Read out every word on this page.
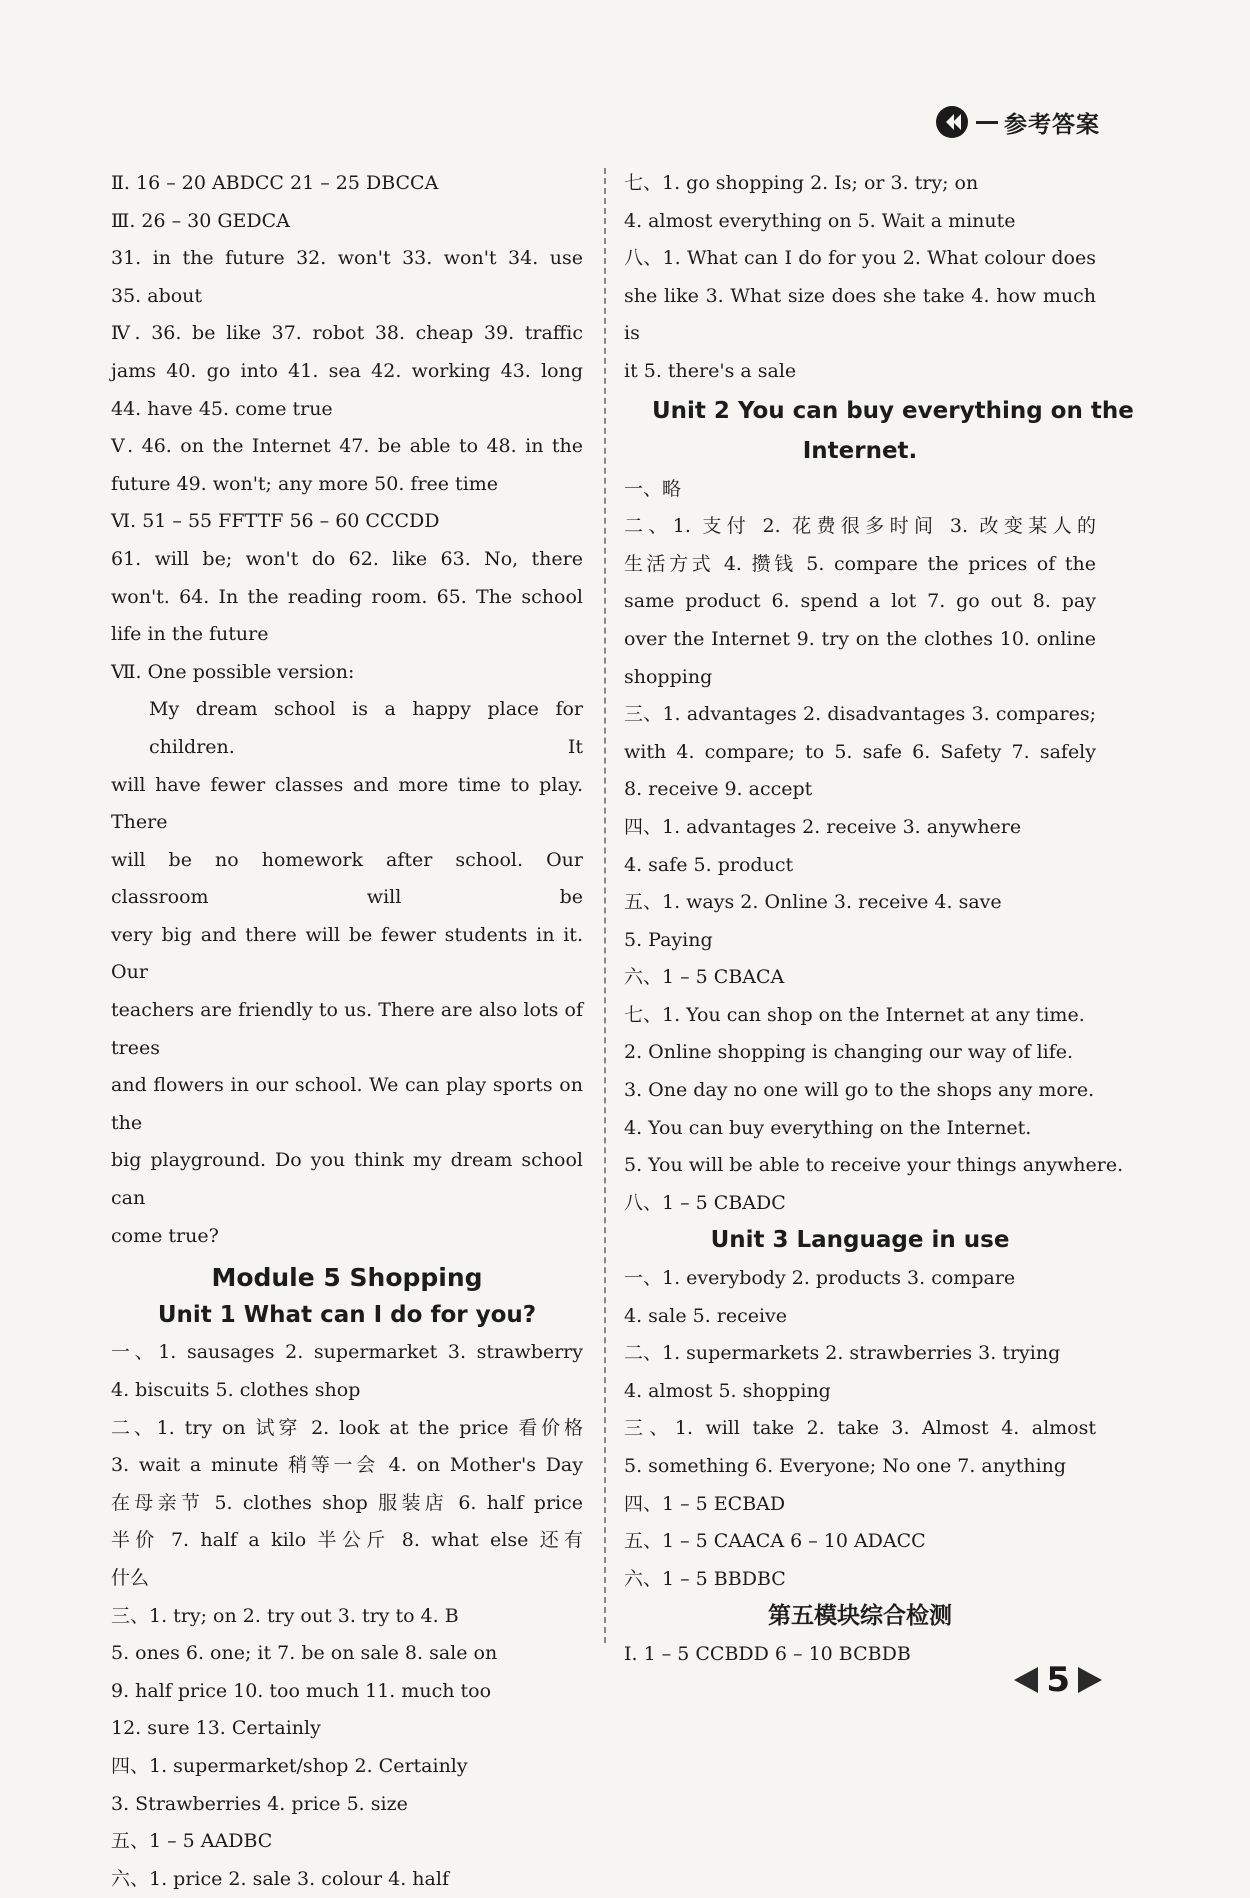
参考答案
Ⅱ. 16 – 20 ABDCC 21 – 25 DBCCA
Ⅲ. 26 – 30 GEDCA
31. in the future 32. won't 33. won't 34. use
35. about
Ⅳ. 36. be like 37. robot 38. cheap 39. traffic
jams 40. go into 41. sea 42. working 43. long
44. have 45. come true
Ⅴ. 46. on the Internet 47. be able to 48. in the
future 49. won't; any more 50. free time
Ⅵ. 51 – 55 FFTTF 56 – 60 CCCDD
61. will be; won't do 62. like 63. No, there
won't. 64. In the reading room. 65. The school
life in the future
Ⅶ. One possible version:
My dream school is a happy place for children. It
will have fewer classes and more time to play. There
will be no homework after school. Our classroom will be
very big and there will be fewer students in it. Our
teachers are friendly to us. There are also lots of trees
and flowers in our school. We can play sports on the
big playground. Do you think my dream school can
come true?
Module 5 Shopping
Unit 1 What can I do for you?
一、1. sausages 2. supermarket 3. strawberry
4. biscuits 5. clothes shop
二、1. try on 试穿 2. look at the price 看价格
3. wait a minute 稍等一会 4. on Mother's Day
在母亲节 5. clothes shop 服装店 6. half price
半价 7. half a kilo 半公斤 8. what else 还有
什么
三、1. try; on 2. try out 3. try to 4. B
5. ones 6. one; it 7. be on sale 8. sale on
9. half price 10. too much 11. much too
12. sure 13. Certainly
四、1. supermarket/shop 2. Certainly
3. Strawberries 4. price 5. size
五、1 – 5 AADBC
六、1. price 2. sale 3. colour 4. half
七、1. go shopping 2. Is; or 3. try; on
4. almost everything on 5. Wait a minute
八、1. What can I do for you 2. What colour does
she like 3. What size does she take 4. how much is
it 5. there's a sale
Unit 2 You can buy everything on the
Internet.
一、略
二、1. 支付 2. 花费很多时间 3. 改变某人的
生活方式 4. 攒钱 5. compare the prices of the
same product 6. spend a lot 7. go out 8. pay
over the Internet 9. try on the clothes 10. online
shopping
三、1. advantages 2. disadvantages 3. compares;
with 4. compare; to 5. safe 6. Safety 7. safely
8. receive 9. accept
四、1. advantages 2. receive 3. anywhere
4. safe 5. product
五、1. ways 2. Online 3. receive 4. save
5. Paying
六、1 – 5 CBACA
七、1. You can shop on the Internet at any time.
2. Online shopping is changing our way of life.
3. One day no one will go to the shops any more.
4. You can buy everything on the Internet.
5. You will be able to receive your things anywhere.
八、1 – 5 CBADC
Unit 3 Language in use
一、1. everybody 2. products 3. compare
4. sale 5. receive
二、1. supermarkets 2. strawberries 3. trying
4. almost 5. shopping
三、1. will take 2. take 3. Almost 4. almost
5. something 6. Everyone; No one 7. anything
四、1 – 5 ECBAD
五、1 – 5 CAACA 6 – 10 ADACC
六、1 – 5 BBDBC
第五模块综合检测
Ⅰ. 1 – 5 CCBDD 6 – 10 BCBDB
5
